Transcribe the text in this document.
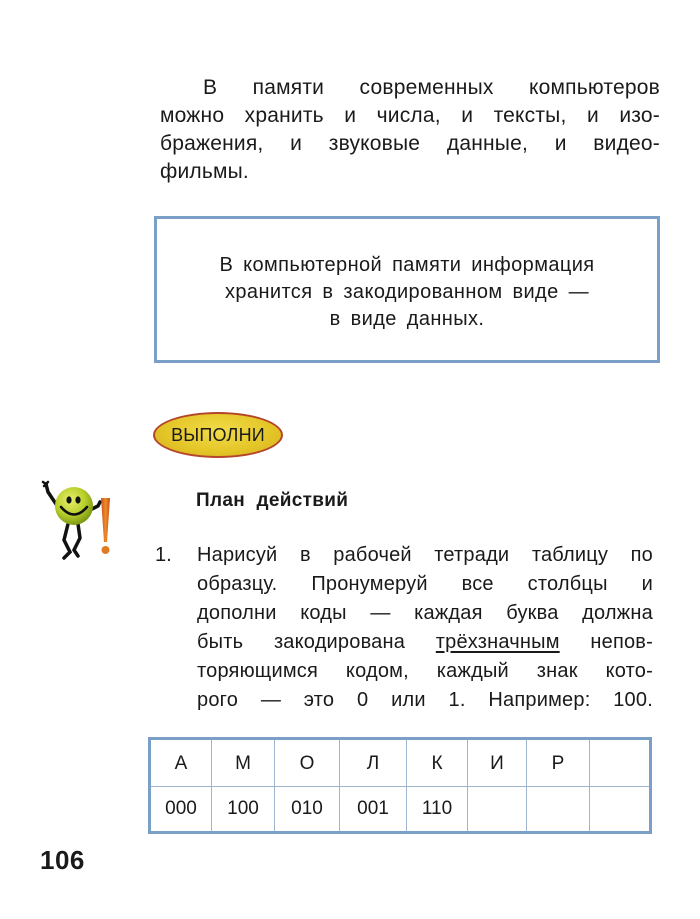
В памяти современных компьютеров
можно хранить и числа, и тексты, и изо-
бражения, и звуковые данные, и видео-
фильмы.
В компьютерной памяти информация
хранится в закодированном виде —
в виде данных.
ВЫПОЛНИ
План действий
1. Нарисуй в рабочей тетради таблицу по
образцу. Пронумеруй все столбцы и
дополни коды — каждая буква должна
быть закодирована трёхзначным непов-
торяющимся кодом, каждый знак кото-
рого — это 0 или 1. Например: 100.
А	М	О	Л	К	И	Р	
000	100	010	001	110			
106
